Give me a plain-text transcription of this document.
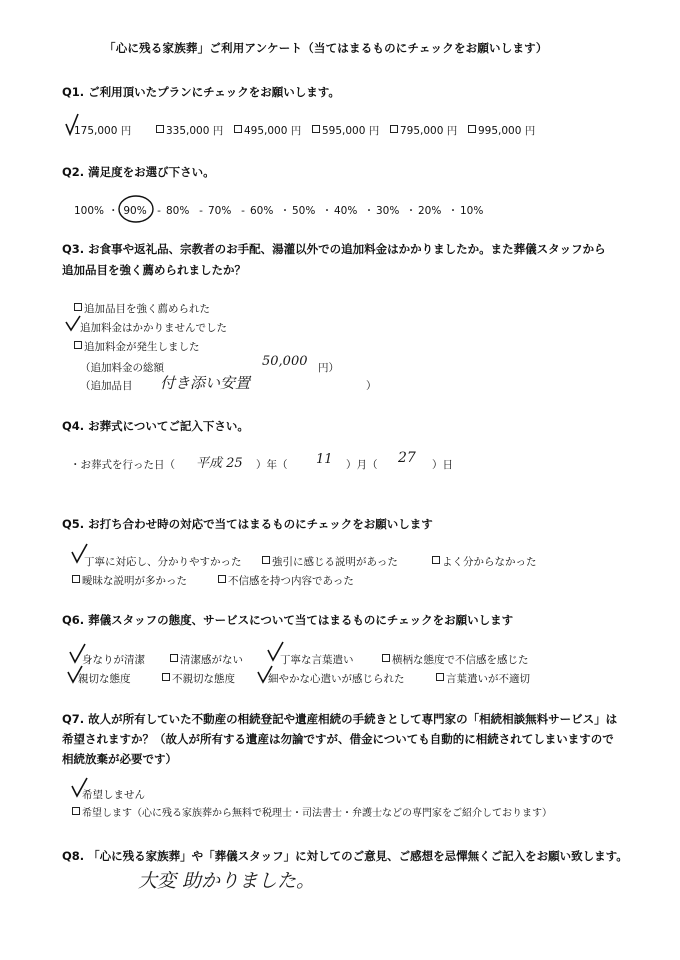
「心に残る家族葬」ご利用アンケート（当てはまるものにチェックをお願いします）
Q1. ご利用頂いたプランにチェックをお願いします。
175,000 円	335,000 円 495,000 円 595,000 円 795,000 円 995,000 円
Q2. 満足度をお選び下さい。
100% ・ 90% - 80% - 70% - 60% ・ 50% ・ 40% ・ 30% ・ 20% ・ 10%
Q3. お食事や返礼品、宗教者のお手配、湯灌以外での追加料金はかかりましたか。また葬儀スタッフから
追加品目を強く薦められましたか？
追加品目を強く薦められた
追加料金はかかりませんでした
追加料金が発生しました
（追加料金の総額	50,000 円）
（追加品目 付き添い安置	）
Q4. お葬式についてご記入下さい。
・お葬式を行った日（ 平成 25 ）年（ 11 ）月（ 27 ）日
Q5. お打ち合わせ時の対応で当てはまるものにチェックをお願いします
丁寧に対応し、分かりやすかった	強引に感じる説明があった	よく分からなかった
曖昧な説明が多かった	不信感を持つ内容であった
Q6. 葬儀スタッフの態度、サービスについて当てはまるものにチェックをお願いします
身なりが清潔	清潔感がない	丁寧な言葉遣い	横柄な態度で不信感を感じた
親切な態度	不親切な態度	細やかな心遣いが感じられた	言葉遣いが不適切
Q7. 故人が所有していた不動産の相続登記や遺産相続の手続きとして専門家の「相続相談無料サービス」は
希望されますか？（故人が所有する遺産は勿論ですが、借金についても自動的に相続されてしまいますので
相続放棄が必要です）
希望しません
希望します（心に残る家族葬から無料で税理士・司法書士・弁護士などの専門家をご紹介しております）
Q8. 「心に残る家族葬」や「葬儀スタッフ」に対してのご意見、ご感想を忌憚無くご記入をお願い致します。
大変 助かりました。
